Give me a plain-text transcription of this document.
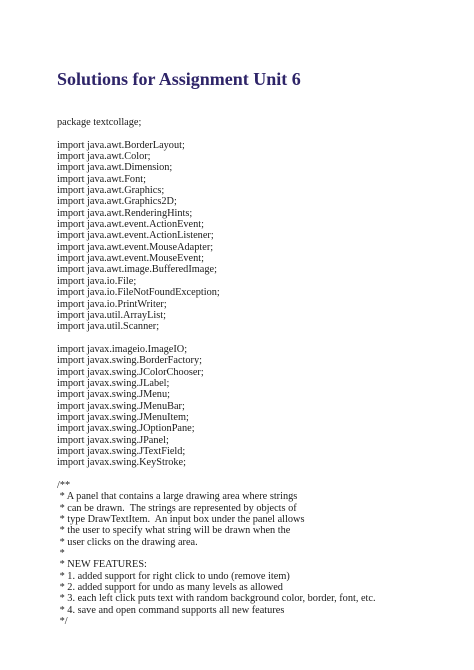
Solutions for Assignment Unit 6
package textcollage;
import java.awt.BorderLayout;
import java.awt.Color;
import java.awt.Dimension;
import java.awt.Font;
import java.awt.Graphics;
import java.awt.Graphics2D;
import java.awt.RenderingHints;
import java.awt.event.ActionEvent;
import java.awt.event.ActionListener;
import java.awt.event.MouseAdapter;
import java.awt.event.MouseEvent;
import java.awt.image.BufferedImage;
import java.io.File;
import java.io.FileNotFoundException;
import java.io.PrintWriter;
import java.util.ArrayList;
import java.util.Scanner;
import javax.imageio.ImageIO;
import javax.swing.BorderFactory;
import javax.swing.JColorChooser;
import javax.swing.JLabel;
import javax.swing.JMenu;
import javax.swing.JMenuBar;
import javax.swing.JMenuItem;
import javax.swing.JOptionPane;
import javax.swing.JPanel;
import javax.swing.JTextField;
import javax.swing.KeyStroke;
/**
* A panel that contains a large drawing area where strings
* can be drawn.  The strings are represented by objects of
* type DrawTextItem.  An input box under the panel allows
* the user to specify what string will be drawn when the
* user clicks on the drawing area.
*
* NEW FEATURES:
* 1. added support for right click to undo (remove item)
* 2. added support for undo as many levels as allowed
* 3. each left click puts text with random background color, border, font, etc.
* 4. save and open command supports all new features
*/
